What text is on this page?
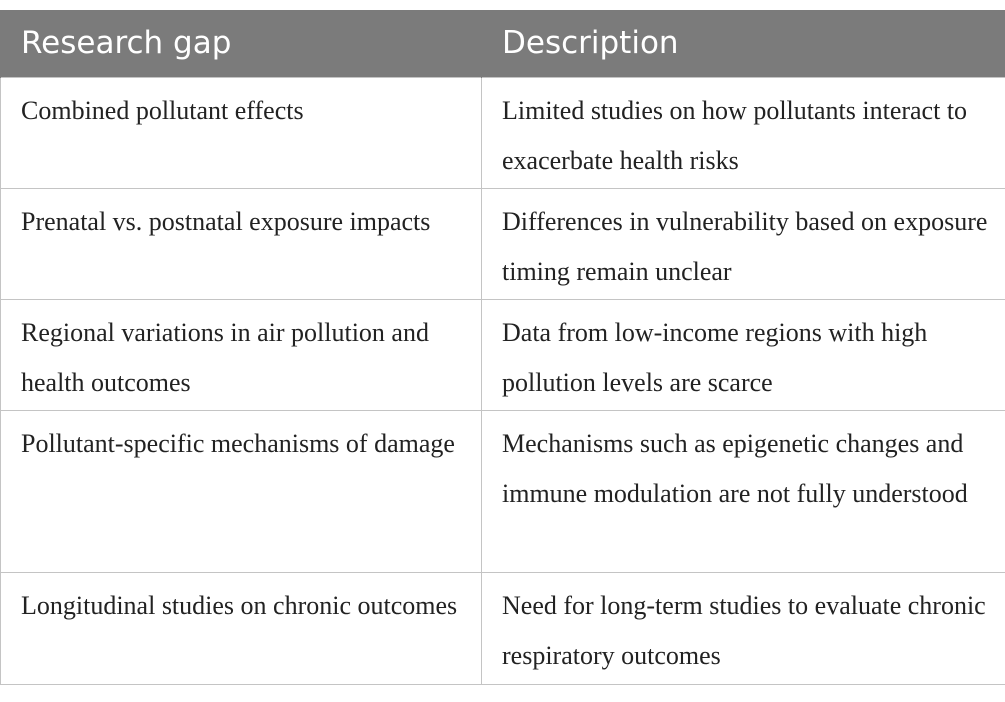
Research gap	Description
Combined pollutant effects	Limited studies on how pollutants interact to exacerbate health risks
Prenatal vs. postnatal exposure impacts	Differences in vulnerability based on exposure timing remain unclear
Regional variations in air pollution and health outcomes	Data from low-income regions with high pollution levels are scarce
Pollutant-specific mechanisms of damage	Mechanisms such as epigenetic changes and immune modulation are not fully understood
Longitudinal studies on chronic outcomes	Need for long-term studies to evaluate chronic respiratory outcomes
